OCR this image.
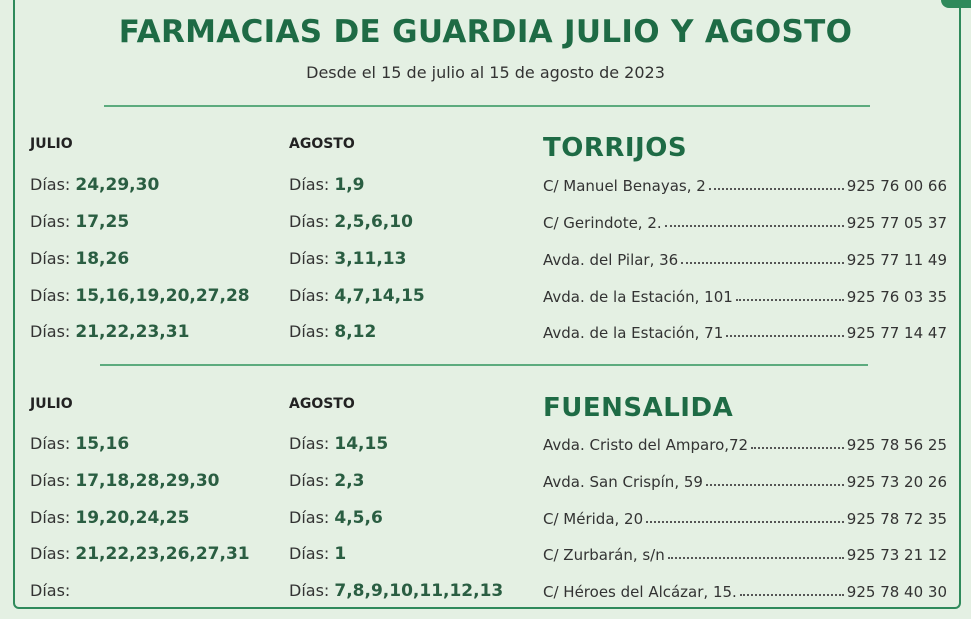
FARMACIAS DE GUARDIA JULIO Y AGOSTO
Desde el 15 de julio al 15 de agosto de 2023
JULIO	AGOSTO	TORRIJOS
Días: 24,29,30	Días: 1,9	C/ Manuel Benayas, 2	925 76 00 66
Días: 17,25	Días: 2,5,6,10	C/ Gerindote, 2.	925 77 05 37
Días: 18,26	Días: 3,11,13	Avda. del Pilar, 36	925 77 11 49
Días: 15,16,19,20,27,28 Días: 4,7,14,15	Avda. de la Estación, 101	925 76 03 35
Días: 21,22,23,31	Días: 8,12	Avda. de la Estación, 71	925 77 14 47
JULIO	AGOSTO	FUENSALIDA
Días: 15,16	Días: 14,15	Avda. Cristo del Amparo,72	925 78 56 25
Días: 17,18,28,29,30	Días: 2,3	Avda. San Crispín, 59	925 73 20 26
Días: 19,20,24,25	Días: 4,5,6	C/ Mérida, 20	925 78 72 35
Días: 21,22,23,26,27,31 Días: 1	C/ Zurbarán, s/n	925 73 21 12
Días:	Días: 7,8,9,10,11,12,13	C/ Héroes del Alcázar, 15.	925 78 40 30
